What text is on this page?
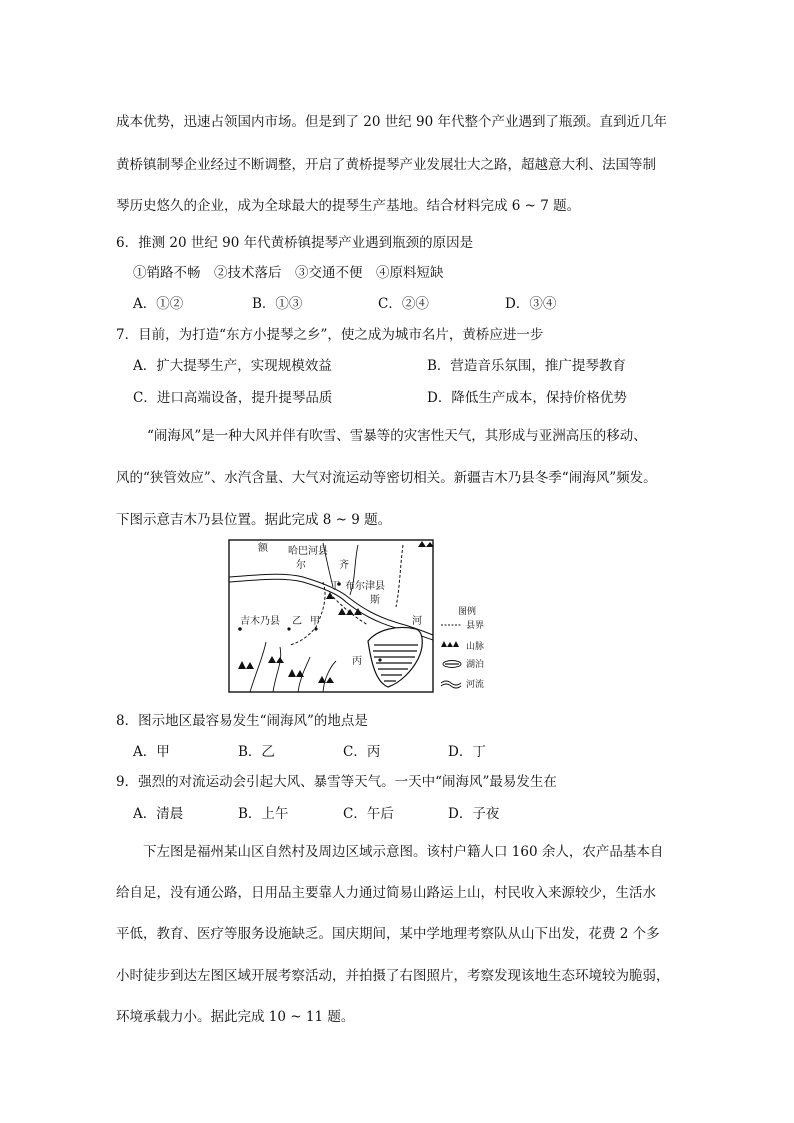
成本优势，迅速占领国内市场。但是到了 20 世纪 90 年代整个产业遇到了瓶颈。直到近几年
黄桥镇制琴企业经过不断调整，开启了黄桥提琴产业发展壮大之路，超越意大利、法国等制
琴历史悠久的企业，成为全球最大的提琴生产基地。结合材料完成 6 ~ 7 题。
6．推测 20 世纪 90 年代黄桥镇提琴产业遇到瓶颈的原因是
①销路不畅　②技术落后　③交通不便　④原料短缺
A．①②	B．①③	C．②④	D．③④
7．目前，为打造“东方小提琴之乡”，使之成为城市名片，黄桥应进一步
A．扩大提琴生产，实现规模效益	B．营造音乐氛围，推广提琴教育
C．进口高端设备，提升提琴品质	D．降低生产成本，保持价格优势
“闹海风”是一种大风并伴有吹雪、雪暴等的灾害性天气，其形成与亚洲高压的移动、
风的“狭管效应”、水汽含量、大气对流运动等密切相关。新疆吉木乃县冬季“闹海风”频发。
下图示意吉木乃县位置。据此完成 8 ~ 9 题。
额 哈巴河县
尔	齐
丁 布尔津县
斯
吉木乃县 乙 甲	河
丙
图例
县界
山脉
湖泊
河流
8．图示地区最容易发生“闹海风”的地点是
A．甲	B．乙	C．丙	D．丁
9．强烈的对流运动会引起大风、暴雪等天气。一天中“闹海风”最易发生在
A．清晨	B．上午	C．午后	D．子夜
下左图是福州某山区自然村及周边区域示意图。该村户籍人口 160 余人，农产品基本自
给自足，没有通公路，日用品主要靠人力通过简易山路运上山，村民收入来源较少，生活水
平低，教育、医疗等服务设施缺乏。国庆期间，某中学地理考察队从山下出发，花费 2 个多
小时徒步到达左图区域开展考察活动，并拍摄了右图照片，考察发现该地生态环境较为脆弱，
环境承载力小。据此完成 10 ~ 11 题。
